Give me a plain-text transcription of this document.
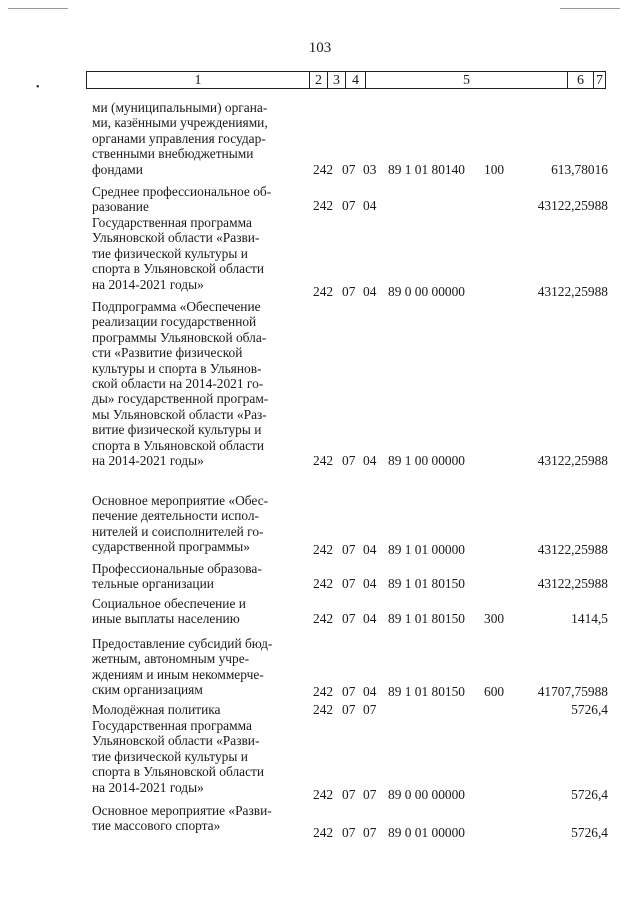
103
•	1	2 3 4	5	6 7
ми (муниципальными) органа-
ми, казёнными учреждениями,
органами управления государ-
ственными внебюджетными
фондами	242 07 03 89 1 01 80140 100	613,78016
Среднее профессиональное об-
разование	242 07 04	43122,25988
Государственная программа
Ульяновской области «Разви-
тие физической культуры и
спорта в Ульяновской области
на 2014-2021 годы»	242 07 04 89 0 00 00000	43122,25988
Подпрограмма «Обеспечение
реализации государственной
программы Ульяновской обла-
сти «Развитие физической
культуры и спорта в Ульянов-
ской области на 2014-2021 го-
ды» государственной програм-
мы Ульяновской области «Раз-
витие физической культуры и
спорта в Ульяновской области
на 2014-2021 годы»	242 07 04 89 1 00 00000	43122,25988
Основное мероприятие «Обес-
печение деятельности испол-
нителей и соисполнителей го-
сударственной программы»	242 07 04 89 1 01 00000	43122,25988
Профессиональные образова-
тельные организации	242 07 04 89 1 01 80150	43122,25988
Социальное обеспечение и
иные выплаты населению	242 07 04 89 1 01 80150 300	1414,5
Предоставление субсидий бюд-
жетным, автономным учре-
ждениям и иным некоммерче-
ским организациям	242 07 04 89 1 01 80150 600	41707,75988
Молодёжная политика	242 07 07	5726,4
Государственная программа
Ульяновской области «Разви-
тие физической культуры и
спорта в Ульяновской области
на 2014-2021 годы»	242 07 07 89 0 00 00000	5726,4
Основное мероприятие «Разви-
тие массового спорта»	242 07 07 89 0 01 00000	5726,4
